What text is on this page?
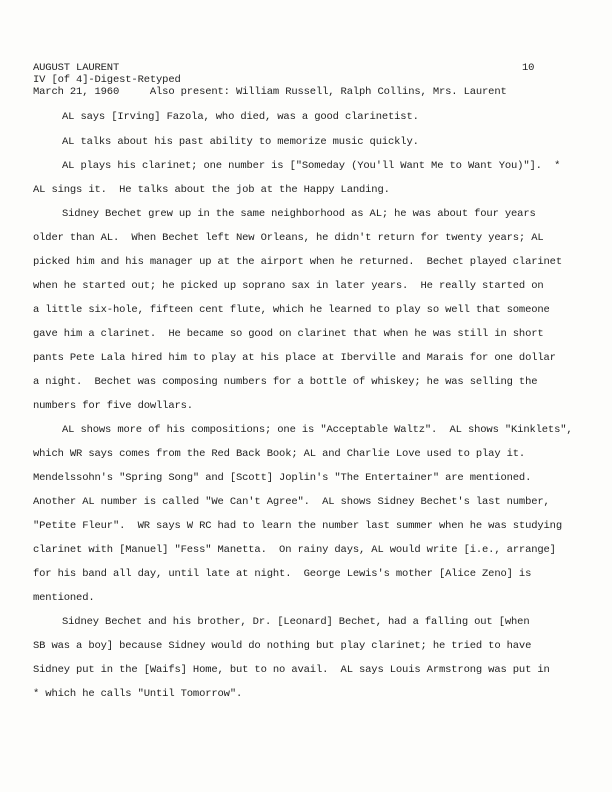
AUGUST LAURENT	10
IV [of 4]-Digest-Retyped
March 21, 1960     Also present: William Russell, Ralph Collins, Mrs. Laurent
AL says [Irving] Fazola, who died, was a good clarinetist.
AL talks about his past ability to memorize music quickly.
AL plays his clarinet; one number is ["Someday (You'll Want Me to Want You)"].  *
AL sings it.  He talks about the job at the Happy Landing.
Sidney Bechet grew up in the same neighborhood as AL; he was about four years
older than AL.  When Bechet left New Orleans, he didn't return for twenty years; AL
picked him and his manager up at the airport when he returned.  Bechet played clarinet
when he started out; he picked up soprano sax in later years.  He really started on
a little six-hole, fifteen cent flute, which he learned to play so well that someone
gave him a clarinet.  He became so good on clarinet that when he was still in short
pants Pete Lala hired him to play at his place at Iberville and Marais for one dollar
a night.  Bechet was composing numbers for a bottle of whiskey; he was selling the
numbers for five dowllars.
AL shows more of his compositions; one is "Acceptable Waltz".  AL shows "Kinklets",
which WR says comes from the Red Back Book; AL and Charlie Love used to play it.
Mendelssohn's "Spring Song" and [Scott] Joplin's "The Entertainer" are mentioned.
Another AL number is called "We Can't Agree".  AL shows Sidney Bechet's last number,
"Petite Fleur".  WR says W RC had to learn the number last summer when he was studying
clarinet with [Manuel] "Fess" Manetta.  On rainy days, AL would write [i.e., arrange]
for his band all day, until late at night.  George Lewis's mother [Alice Zeno] is
mentioned.
Sidney Bechet and his brother, Dr. [Leonard] Bechet, had a falling out [when
SB was a boy] because Sidney would do nothing but play clarinet; he tried to have
Sidney put in the [Waifs] Home, but to no avail.  AL says Louis Armstrong was put in
* which he calls "Until Tomorrow".
